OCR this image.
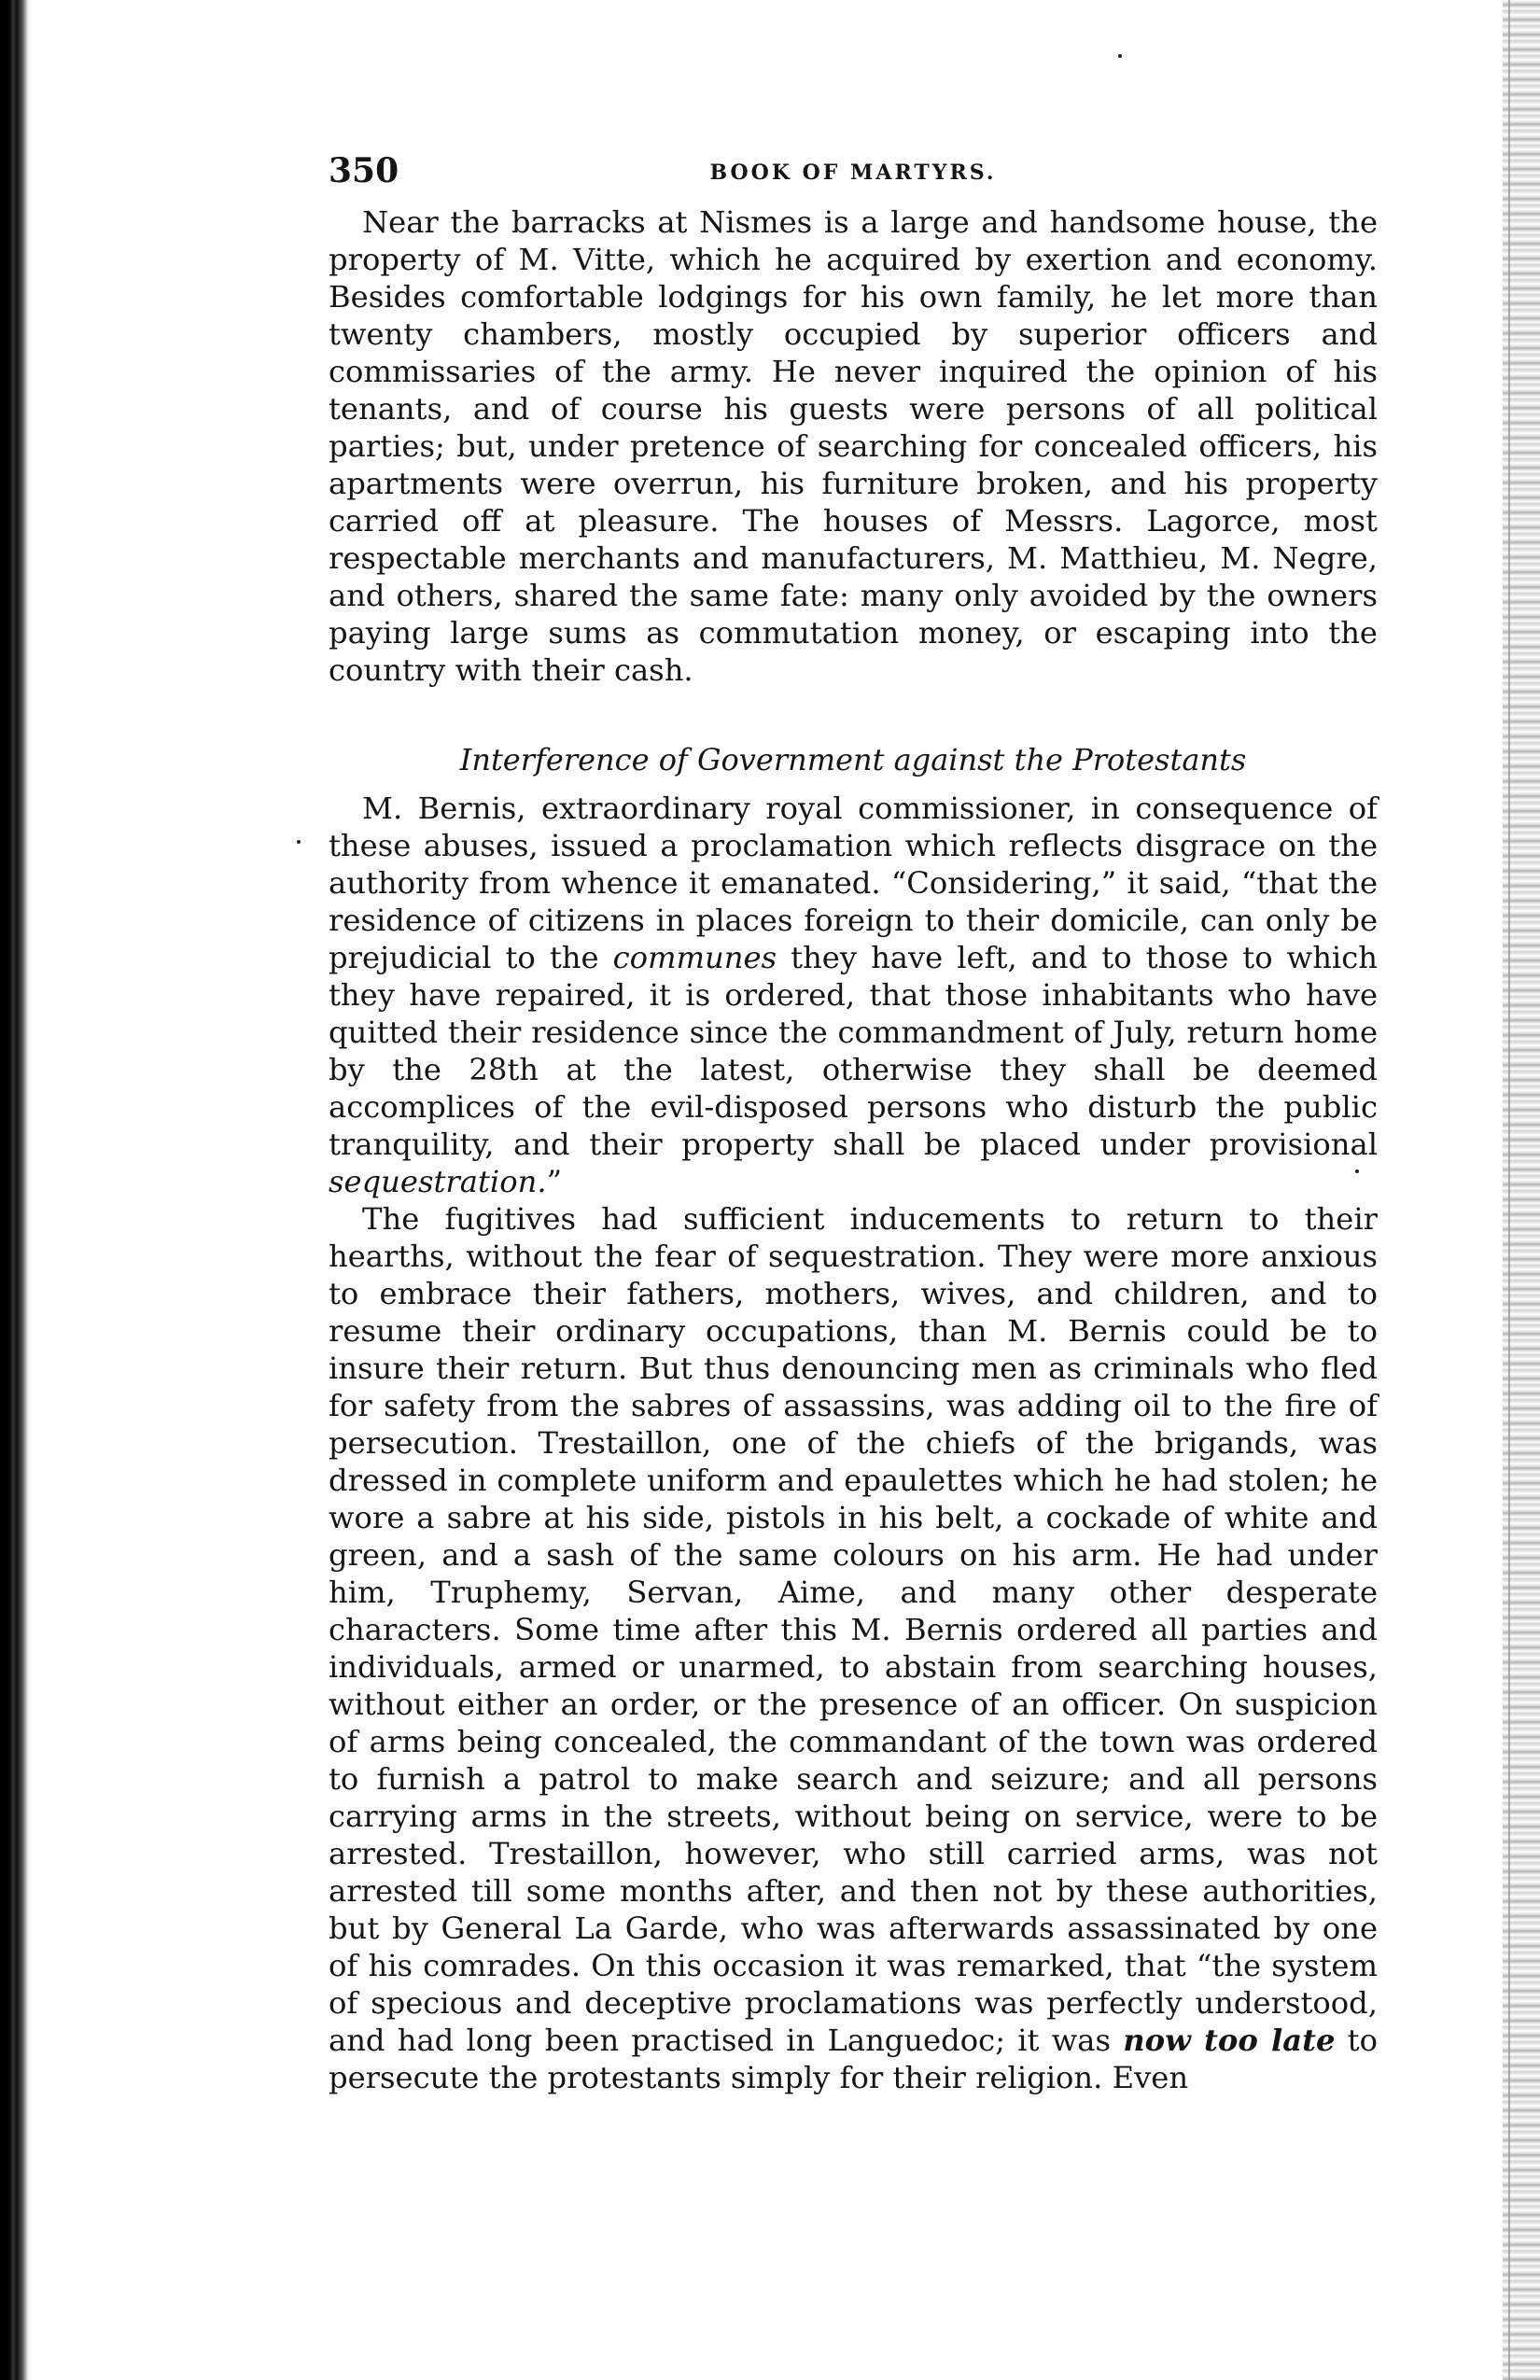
350	BOOK OF MARTYRS.

Near the barracks at Nismes is a large and handsome house, the property of M. Vitte, which he acquired by exertion and economy. Besides comfortable lodgings for his own family, he let more than twenty chambers, mostly occupied by superior officers and commissaries of the army. He never inquired the opinion of his tenants, and of course his guests were persons of all political parties; but, under pretence of searching for concealed officers, his apartments were overrun, his furniture broken, and his property carried off at pleasure. The houses of Messrs. Lagorce, most respectable merchants and manufacturers, M. Matthieu, M. Negre, and others, shared the same fate: many only avoided by the owners paying large sums as commutation money, or escaping into the country with their cash.

Interference of Government against the Protestants

M. Bernis, extraordinary royal commissioner, in consequence of these abuses, issued a proclamation which reflects disgrace on the authority from whence it emanated. “Considering,” it said, “that the residence of citizens in places foreign to their domicile, can only be prejudicial to the communes they have left, and to those to which they have repaired, it is ordered, that those inhabitants who have quitted their residence since the commandment of July, return home by the 28th at the latest, otherwise they shall be deemed accomplices of the evil-disposed persons who disturb the public tranquility, and their property shall be placed under provisional sequestration.”

The fugitives had sufficient inducements to return to their hearths, without the fear of sequestration. They were more anxious to embrace their fathers, mothers, wives, and children, and to resume their ordinary occupations, than M. Bernis could be to insure their return. But thus denouncing men as criminals who fled for safety from the sabres of assassins, was adding oil to the fire of persecution. Trestaillon, one of the chiefs of the brigands, was dressed in complete uniform and epaulettes which he had stolen; he wore a sabre at his side, pistols in his belt, a cockade of white and green, and a sash of the same colours on his arm. He had under him, Truphemy, Servan, Aime, and many other desperate characters. Some time after this M. Bernis ordered all parties and individuals, armed or unarmed, to abstain from searching houses, without either an order, or the presence of an officer. On suspicion of arms being concealed, the commandant of the town was ordered to furnish a patrol to make search and seizure; and all persons carrying arms in the streets, without being on service, were to be arrested. Trestaillon, however, who still carried arms, was not arrested till some months after, and then not by these authorities, but by General La Garde, who was afterwards assassinated by one of his comrades. On this occasion it was remarked, that “the system of specious and deceptive proclamations was perfectly understood, and had long been practised in Languedoc; it was now too late to persecute the protestants simply for their religion. Even
